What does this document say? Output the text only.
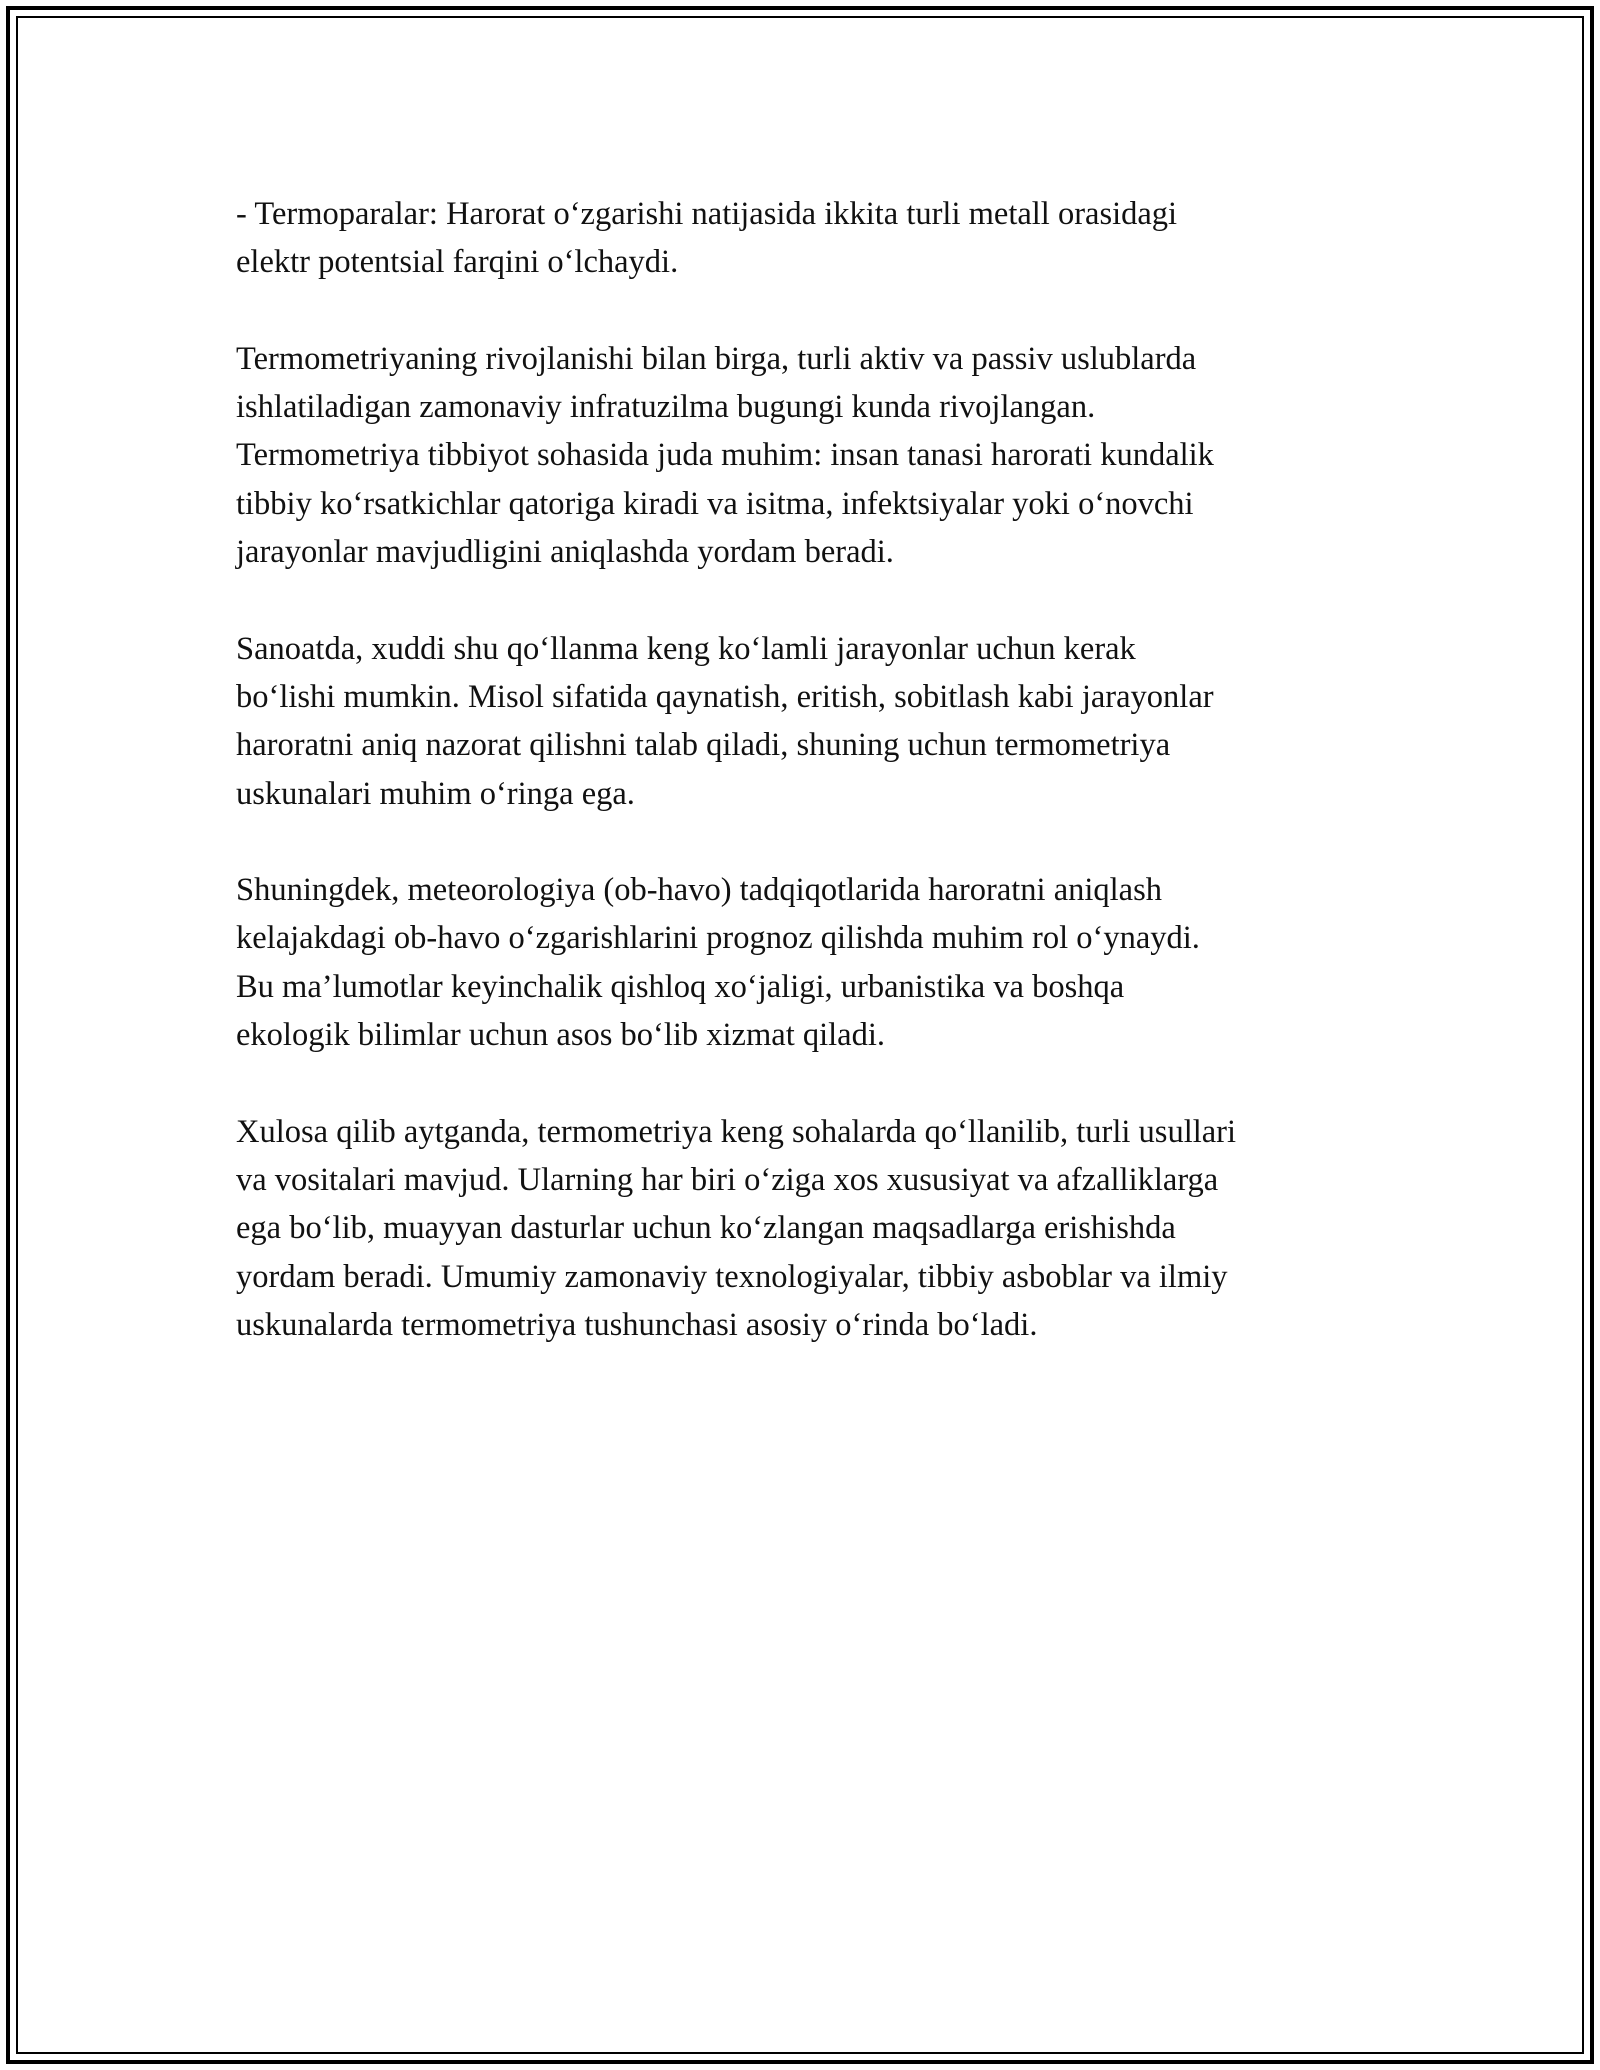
- Termoparalar: Harorat o‘zgarishi natijasida ikkita turli metall orasidagi
elektr potentsial farqini o‘lchaydi.

Termometriyaning rivojlanishi bilan birga, turli aktiv va passiv uslublarda
ishlatiladigan zamonaviy infratuzilma bugungi kunda rivojlangan.
Termometriya tibbiyot sohasida juda muhim: insan tanasi harorati kundalik
tibbiy ko‘rsatkichlar qatoriga kiradi va isitma, infektsiyalar yoki o‘novchi
jarayonlar mavjudligini aniqlashda yordam beradi.

Sanoatda, xuddi shu qo‘llanma keng ko‘lamli jarayonlar uchun kerak
bo‘lishi mumkin. Misol sifatida qaynatish, eritish, sobitlash kabi jarayonlar
haroratni aniq nazorat qilishni talab qiladi, shuning uchun termometriya
uskunalari muhim o‘ringa ega.

Shuningdek, meteorologiya (ob-havo) tadqiqotlarida haroratni aniqlash
kelajakdagi ob-havo o‘zgarishlarini prognoz qilishda muhim rol o‘ynaydi.
Bu ma’lumotlar keyinchalik qishloq xo‘jaligi, urbanistika va boshqa
ekologik bilimlar uchun asos bo‘lib xizmat qiladi.

Xulosa qilib aytganda, termometriya keng sohalarda qo‘llanilib, turli usullari
va vositalari mavjud. Ularning har biri o‘ziga xos xususiyat va afzalliklarga
ega bo‘lib, muayyan dasturlar uchun ko‘zlangan maqsadlarga erishishda
yordam beradi. Umumiy zamonaviy texnologiyalar, tibbiy asboblar va ilmiy
uskunalarda termometriya tushunchasi asosiy o‘rinda bo‘ladi.
